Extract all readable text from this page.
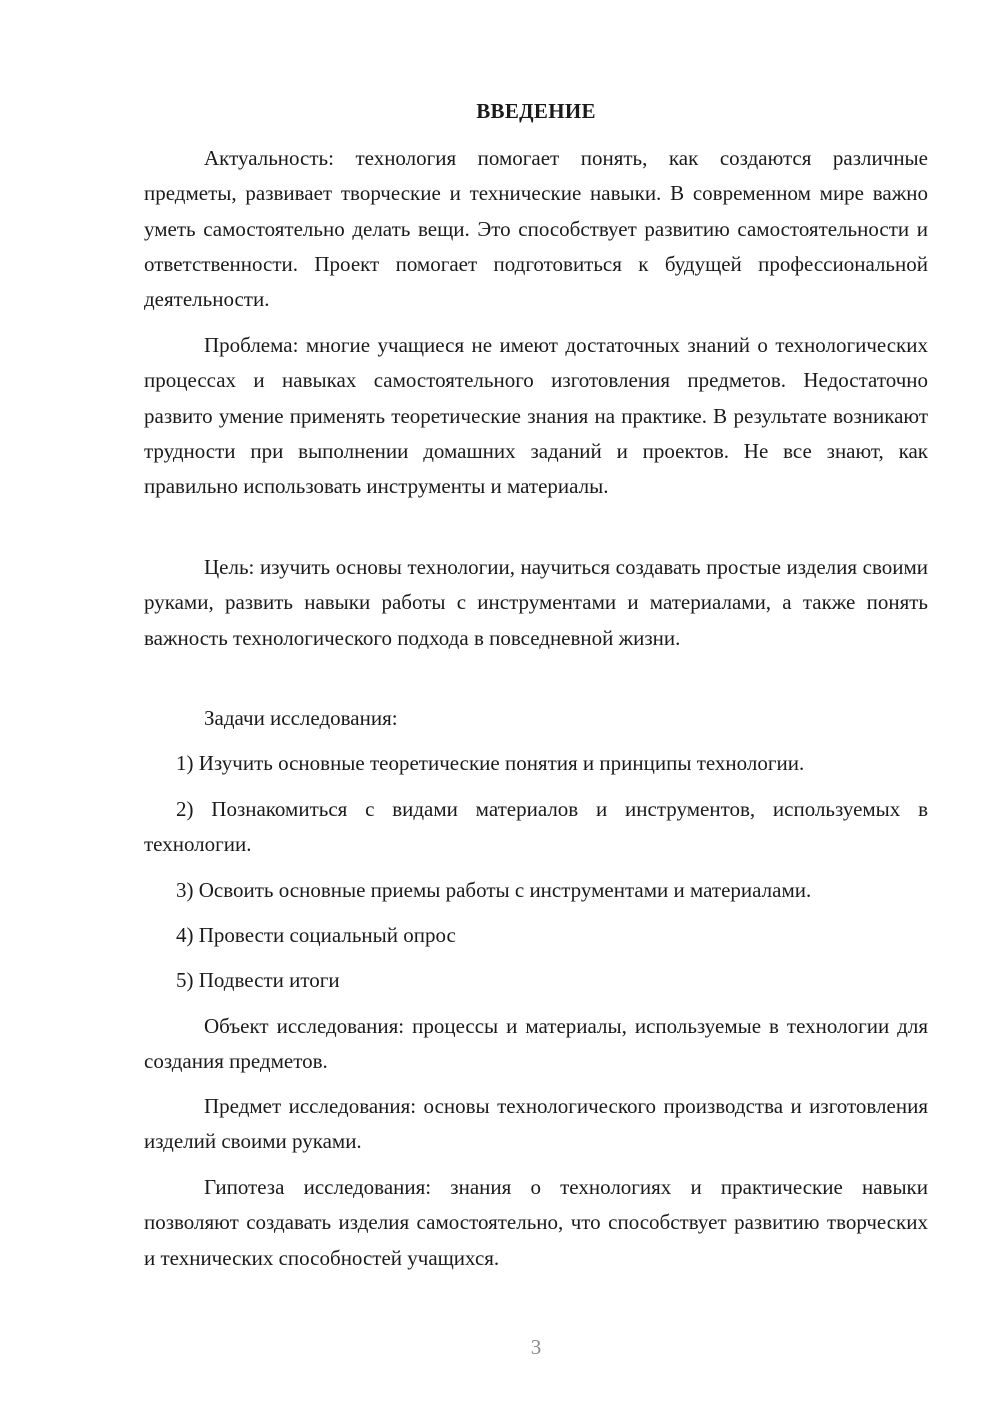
ВВЕДЕНИЕ

Актуальность: технология помогает понять, как создаются различные предметы, развивает творческие и технические навыки. В современном мире важно уметь самостоятельно делать вещи. Это способствует развитию самостоятельности и ответственности. Проект помогает подготовиться к будущей профессиональной деятельности.

Проблема: многие учащиеся не имеют достаточных знаний о технологических процессах и навыках самостоятельного изготовления предметов. Недостаточно развито умение применять теоретические знания на практике. В результате возникают трудности при выполнении домашних заданий и проектов. Не все знают, как правильно использовать инструменты и материалы.

Цель: изучить основы технологии, научиться создавать простые изделия своими руками, развить навыки работы с инструментами и материалами, а также понять важность технологического подхода в повседневной жизни.

Задачи исследования:

1) Изучить основные теоретические понятия и принципы технологии.

2) Познакомиться с видами материалов и инструментов, используемых в технологии.

3) Освоить основные приемы работы с инструментами и материалами.

4) Провести социальный опрос

5) Подвести итоги

Объект исследования: процессы и материалы, используемые в технологии для создания предметов.

Предмет исследования: основы технологического производства и изготовления изделий своими руками.

Гипотеза исследования: знания о технологиях и практические навыки позволяют создавать изделия самостоятельно, что способствует развитию творческих и технических способностей учащихся.

3
